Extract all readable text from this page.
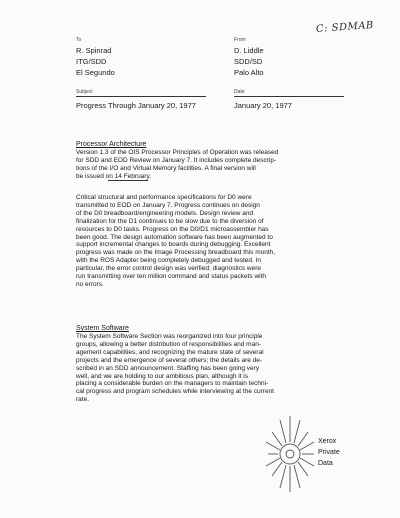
To
R. Spinrad
ITG/SDD
El Segundo
From
D. Liddle
SDD/SD
Palo Alto
C: SDMAB
Subject	Date
Progress Through January 20, 1977	January 20, 1977
Processor Architecture
Version 1.3 of the OIS Processor Principles of Operation was released
for SDD and EOD Review on January 7. It includes complete descrip-
tions of the I/O and Virtual Memory facilities. A final version will
be issued on 14 February.
Critical structural and performance specifications for D0 were
transmitted to EOD on January 7. Progress continues on design
of the D0 breadboard/engineering models. Design review and
finalization for the D1 continues to be slow due to the diversion of
resources to D0 tasks. Progress on the D0/D1 microassembler has
been good. The design automation software has been augmented to
support incremental changes to boards during debugging. Excellent
progress was made on the Image Processing breadboard this month,
with the ROS Adapter being completely debugged and tested. In
particular, the error control design was verified; diagnostics were
run transmitting over ten million command and status packets with
no errors.
System Software
The System Software Section was reorganized into four principle
groups, allowing a better distribution of responsibilities and man-
agement capabilities, and recognizing the mature state of several
projects and the emergence of several others; the details are de-
scribed in an SDD announcement. Staffing has been going very
well, and we are holding to our ambitious plan, although it is
placing a considerable burden on the managers to maintain techni-
cal progress and program schedules while interviewing at the current
rate.
Xerox
Private
Data
